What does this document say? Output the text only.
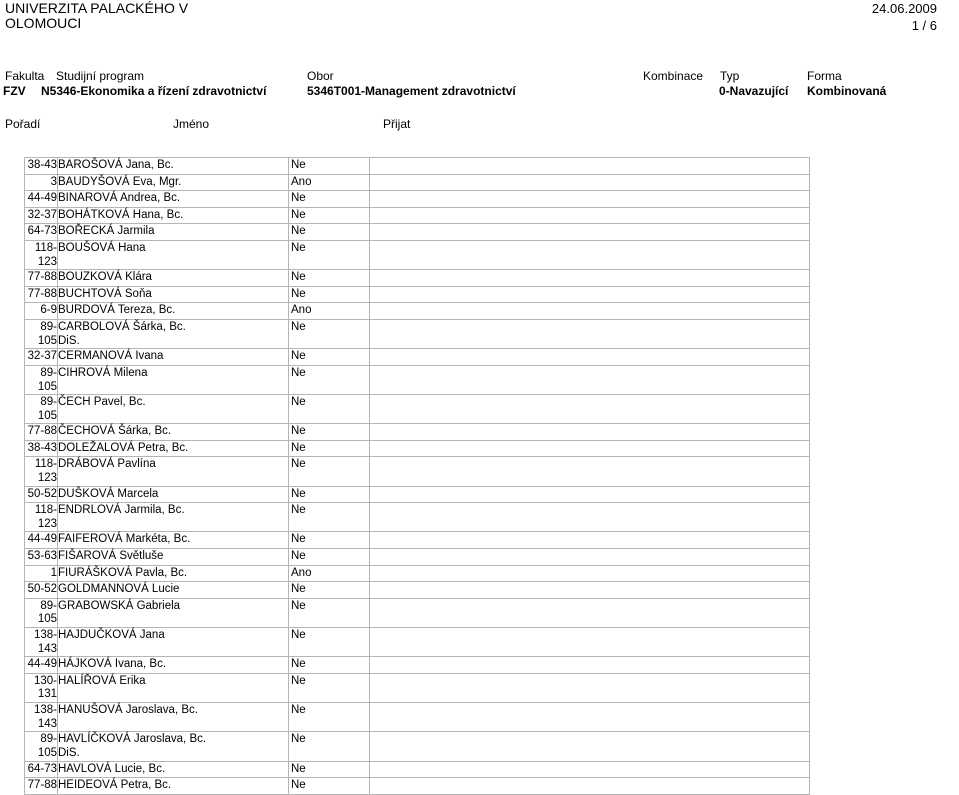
UNIVERZITA PALACKÉHO V
OLOMOUCI
24.06.2009
1 / 6
Fakulta Studijní program	Obor	Kombinace Typ	Forma
FZV N5346-Ekonomika a řízení zdravotnictví	5346T001-Management zdravotnictví	0-Navazující Kombinovaná
Pořadí	Jméno	Přijat
38-43	BAROŠOVÁ Jana, Bc.	Ne	
3	BAUDYŠOVÁ Eva, Mgr.	Ano	
44-49	BINAROVÁ Andrea, Bc.	Ne	
32-37	BOHÁTKOVÁ Hana, Bc.	Ne	
64-73	BOŘECKÁ Jarmila	Ne	
118-123	BOUŠOVÁ Hana	Ne	
77-88	BOUZKOVÁ Klára	Ne	
77-88	BUCHTOVÁ Soňa	Ne	
6-9	BURDOVÁ Tereza, Bc.	Ano	
89-105	CARBOLOVÁ Šárka, Bc. DiS.	Ne	
32-37	CERMANOVÁ Ivana	Ne	
89-105	CIHROVÁ Milena	Ne	
89-105	ČECH Pavel, Bc.	Ne	
77-88	ČECHOVÁ Šárka, Bc.	Ne	
38-43	DOLEŽALOVÁ Petra, Bc.	Ne	
118-123	DRÁBOVÁ Pavlína	Ne	
50-52	DUŠKOVÁ Marcela	Ne	
118-123	ENDRLOVÁ Jarmila, Bc.	Ne	
44-49	FAIFEROVÁ Markéta, Bc.	Ne	
53-63	FIŠAROVÁ Světluše	Ne	
1	FIURÁŠKOVÁ Pavla, Bc.	Ano	
50-52	GOLDMANNOVÁ Lucie	Ne	
89-105	GRABOWSKÁ Gabriela	Ne	
138-143	HAJDUČKOVÁ Jana	Ne	
44-49	HÁJKOVÁ Ivana, Bc.	Ne	
130-131	HALÍŘOVÁ Erika	Ne	
138-143	HANUŠOVÁ Jaroslava, Bc.	Ne	
89-105	HAVLÍČKOVÁ Jaroslava, Bc. DiS.	Ne	
64-73	HAVLOVÁ Lucie, Bc.	Ne	
77-88	HEIDEOVÁ Petra, Bc.	Ne	
